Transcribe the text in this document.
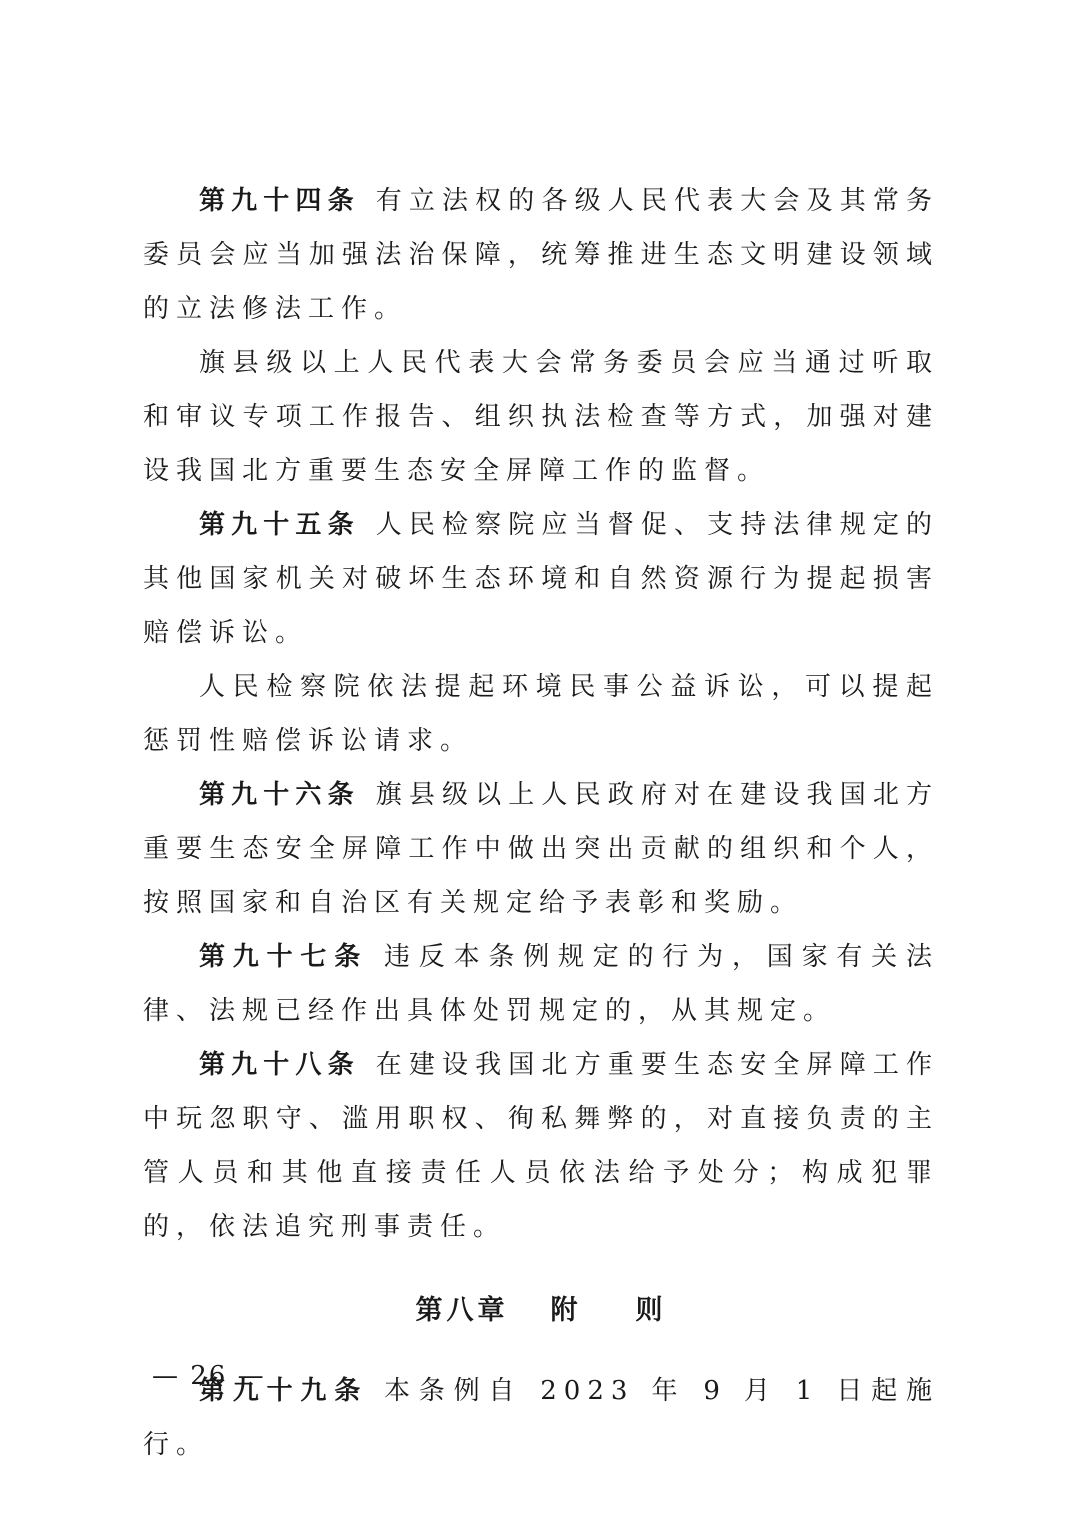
第九十四条 有立法权的各级人民代表大会及其常务委员会应当加强法治保障，统筹推进生态文明建设领域的立法修法工作。

旗县级以上人民代表大会常务委员会应当通过听取和审议专项工作报告、组织执法检查等方式，加强对建设我国北方重要生态安全屏障工作的监督。

第九十五条 人民检察院应当督促、支持法律规定的其他国家机关对破坏生态环境和自然资源行为提起损害赔偿诉讼。

人民检察院依法提起环境民事公益诉讼，可以提起惩罚性赔偿诉讼请求。

第九十六条 旗县级以上人民政府对在建设我国北方重要生态安全屏障工作中做出突出贡献的组织和个人，按照国家和自治区有关规定给予表彰和奖励。

第九十七条 违反本条例规定的行为，国家有关法律、法规已经作出具体处罚规定的，从其规定。

第九十八条 在建设我国北方重要生态安全屏障工作中玩忽职守、滥用职权、徇私舞弊的，对直接负责的主管人员和其他直接责任人员依法给予处分；构成犯罪的，依法追究刑事责任。

第八章 附 则

第九十九条 本条例自 2023 年 9 月 1 日起施行。

— 26 —
